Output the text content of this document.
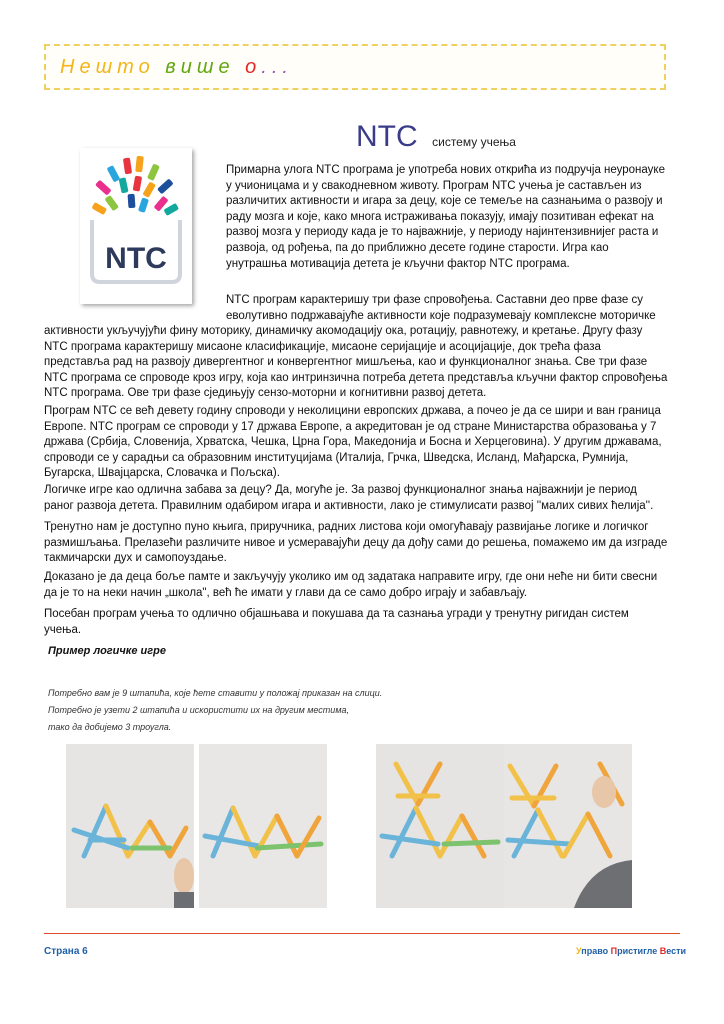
Нешто више о...
NTC систему учења
NTC
Примарна улога NTC програма је употреба нових открића из подручја неуронауке у учионицама и у свакодневном животу. Програм NTC учења је састављен из различитих активности и игара за децу, које се темеље на сазнањима о развоју и раду мозга и које, како многа истраживања показују, имају позитиван ефекат на развој мозга у периоду када је то најважније, у периоду најинтензивнијег раста и развоја, од рођења, па до приближно десете године старости. Игра као унутрашња мотивација детета је кључни фактор NTC програма.
NTC програм карактеришу три фазе спровођења. Саставни део прве фазе су еволутивно подржавајуће активности које подразумевају комплексне моторичке
активности укључујући фину моторику, динамичку акомодацију ока, ротацију, равнотежу, и кретање. Другу фазу NTC програма карактеришу мисаоне класификације, мисаоне серијације и асоцијације, док трећа фаза представља рад на развоју дивергентног и конвергентног мишљења, као и функционалног знања. Све три фазе NTC програма се спроводе кроз игру, која као интринзична потреба детета представља кључни фактор спровођења NTC програма. Ове три фазе сједињују сензо-моторни и когнитивни развој детета.
Програм NTC се већ девету годину спроводи у неколицини европских држава, а почео је да се шири и ван граница Европе. NTC програм се спроводи у 17 држава Европе, а акредитован је од стране Министарства образовања у 7 држава (Србија, Словенија, Хрватска, Чешка, Црна Гора, Македонија и Босна и Херцеговина). У другим државама, спроводи се у сарадњи са образовним институцијама (Италија, Грчка, Шведска, Исланд, Мађарска, Румнија, Бугарска, Швајцарска, Словачка и Пољска).
Логичке игре као одлична забава за децу? Да, могуће је. За развој функционалног знања најважнији је период раног развоја детета. Правилним одабиром игара и активности, лако је стимулисати развој ''малих сивих ћелија''.
Тренутно нам је доступно пуно књига, приручника, радних листова који омогућавају развијање логике и логичког размишљања. Прелазећи различите нивое и усмеравајући децу да дођу сами до решења, помажемо им да изграде такмичарски дух и самопоуздање.
Доказано је да деца боље памте и закључују уколико им од задатака направите игру, где они неће ни бити свесни да је то на неки начин „школа", већ ће имати у глави да се само добро играју и забављају.
Посебан програм учења то одлично објашњава и покушава да та сазнања угради у тренутну ригидан систем учења.
Пример логичке игре
Потребно вам је 9 штапића, које ћете ставити у положај приказан на слици.
Потребно је узети 2 штапића и искористити их на другим местима,
тако да добијемо 3 троугла.
Страна 6	Управо Пристигле Вести
